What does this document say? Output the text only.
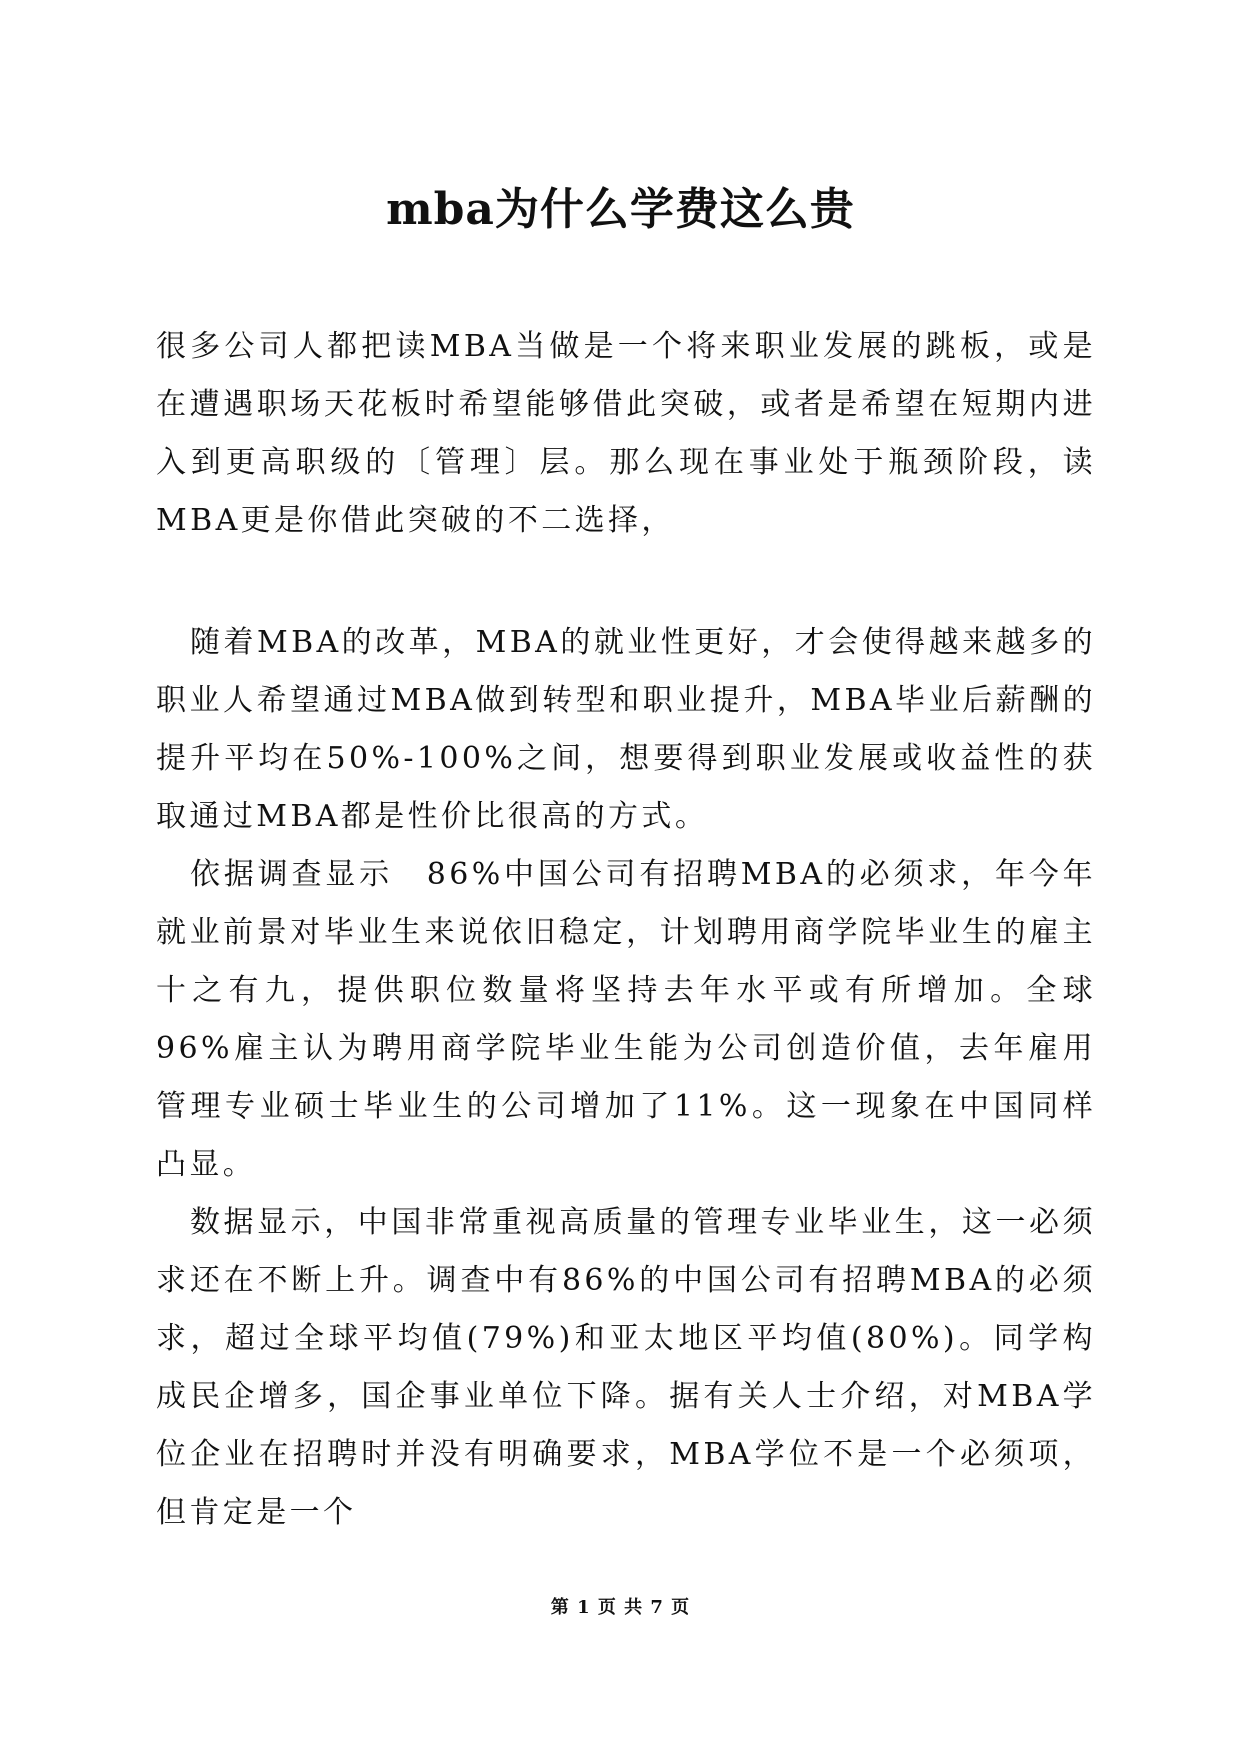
mba为什么学费这么贵

很多公司人都把读MBA当做是一个将来职业发展的跳板，或是在遭遇职场天花板时希望能够借此突破，或者是希望在短期内进入到更高职级的〔管理〕层。那么现在事业处于瓶颈阶段，读MBA更是你借此突破的不二选择，

随着MBA的改革，MBA的就业性更好，才会使得越来越多的职业人希望通过MBA做到转型和职业提升，MBA毕业后薪酬的提升平均在50%-100%之间，想要得到职业发展或收益性的获取通过MBA都是性价比很高的方式。

依据调查显示　86%中国公司有招聘MBA的必须求，年今年就业前景对毕业生来说依旧稳定，计划聘用商学院毕业生的雇主十之有九，提供职位数量将坚持去年水平或有所增加。全球96%雇主认为聘用商学院毕业生能为公司创造价值，去年雇用管理专业硕士毕业生的公司增加了11%。这一现象在中国同样凸显。

数据显示，中国非常重视高质量的管理专业毕业生，这一必须求还在不断上升。调查中有86%的中国公司有招聘MBA的必须求，超过全球平均值(79%)和亚太地区平均值(80%)。同学构成民企增多，国企事业单位下降。据有关人士介绍，对MBA学位企业在招聘时并没有明确要求，MBA学位不是一个必须项，但肯定是一个

第 1 页 共 7 页
